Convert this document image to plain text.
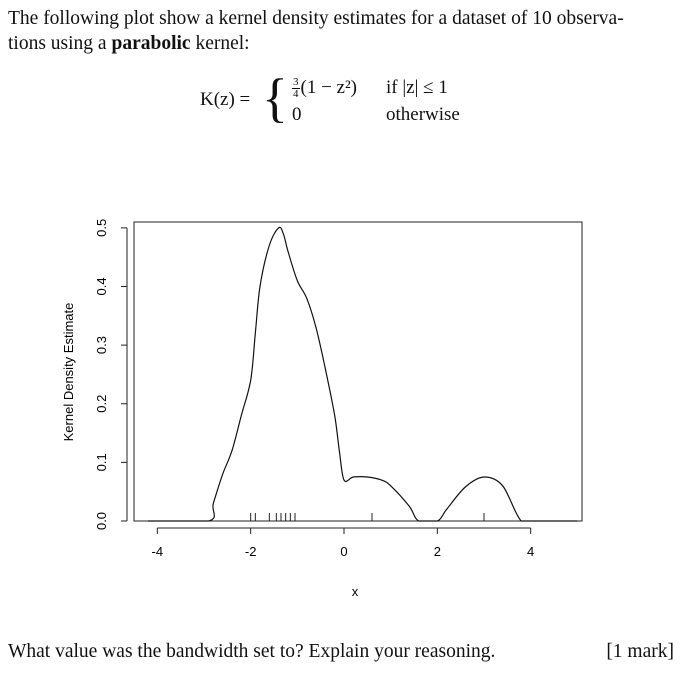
The following plot show a kernel density estimates for a dataset of 10 observa-
tions using a parabolic kernel:
K(z) = { $\frac{3}{4} (1 - z^2)$ if |z| ≤ 1
0	otherwise
-4	-2	0	2	4
0.0
0.1
0.2
0.3
0.4
0.5
x
Kernel Density Estimate
What value was the bandwidth set to? Explain your reasoning.	[1 mark]
